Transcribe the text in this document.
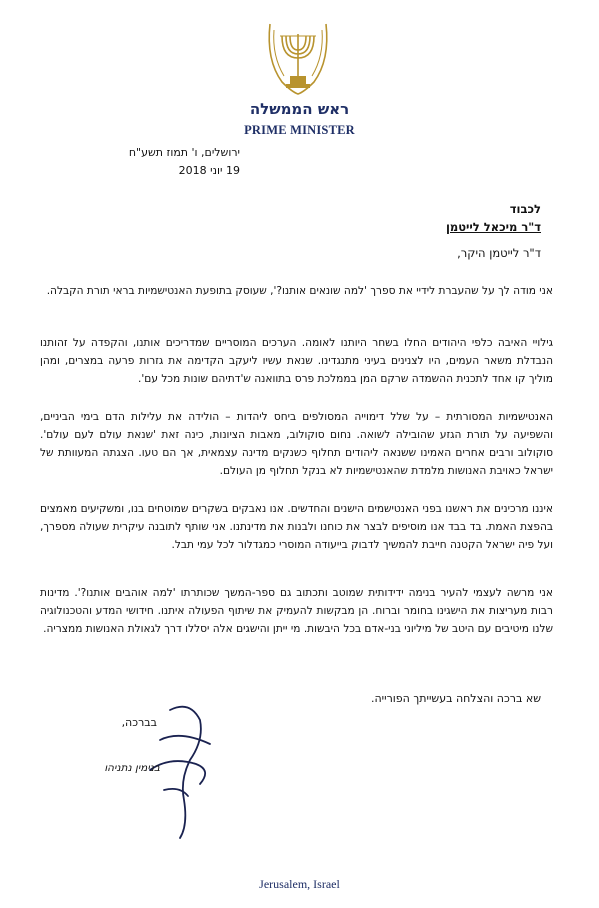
ראש הממשלה
PRIME MINISTER
ירושלים, ו' תמוז תשע"ח
19 יוני 2018
לכבוד
ד"ר מיכאל לייטמן
ד"ר לייטמן היקר,
אני מודה לך על שהעברת לידיי את ספרך 'למה שונאים אותנו?', שעוסק בתופעת האנטישמיות בראי תורת הקבלה.
גילויי האיבה כלפי היהודים החלו בשחר היותנו לאומה. הערכים המוסריים שמדריכים אותנו, והקפדה על זהותנו הנבדלת משאר העמים, היו לצנינים בעיני מתנגדינו. שנאת עשיו ליעקב הקדימה את גזרות פרעה במצרים, ומהן מוליך קו אחד לתכנית ההשמדה שרקם המן בממלכת פרס בתוואנה ש'דתיהם שונות מכל עם'.
האנטישמיות המסורתית – על שלל דימוייה המסולפים ביחס ליהדות – הולידה את עלילות הדם בימי הביניים, והשפיעה על תורת הגזע שהובילה לשואה. נחום סוקולוב, מאבות הציונות, כינה זאת 'שנאת עולם לעם עולם'. סוקולוב ורבים אחרים האמינו ששנאה ליהודים תחלוף כשנקים מדינה עצמאית, אך הם טעו. הצגתה המעוותת של ישראל כאויבת האנושות מלמדת שהאנטישמיות לא בנקל תחלוף מן העולם.
איננו מרכינים את ראשנו בפני האנטישמים הישנים והחדשים. אנו נאבקים בשקרים שמוטחים בנו, ומשקיעים מאמצים בהפצת האמת. בד בבד אנו מוסיפים לבצר את כוחנו ולבנות את מדינתנו. אני שותף לתובנה עיקרית שעולה מספרך, ועל פיה ישראל הקטנה חייבת להמשיך לדבוק בייעודה המוסרי כמגדלור לכל עמי תבל.
אני מרשה לעצמי להעיר בנימה ידידותית שמוטב ותכתוב גם ספר-המשך שכותרתו 'למה אוהבים אותנו?'. מדינות רבות מעריצות את הישגינו בחומר וברוח. הן מבקשות להעמיק את שיתוף הפעולה איתנו. חידושי המדע והטכנולוגיה שלנו מיטיבים עם היטב של מיליוני בני-אדם בכל היבשות. מי ייתן והישגים אלה יסללו דרך לגאולת האנושות ממצריה.
שא ברכה והצלחה בעשייתך הפורייה.
בברכה,
בנימין נתניהו
Jerusalem, Israel
